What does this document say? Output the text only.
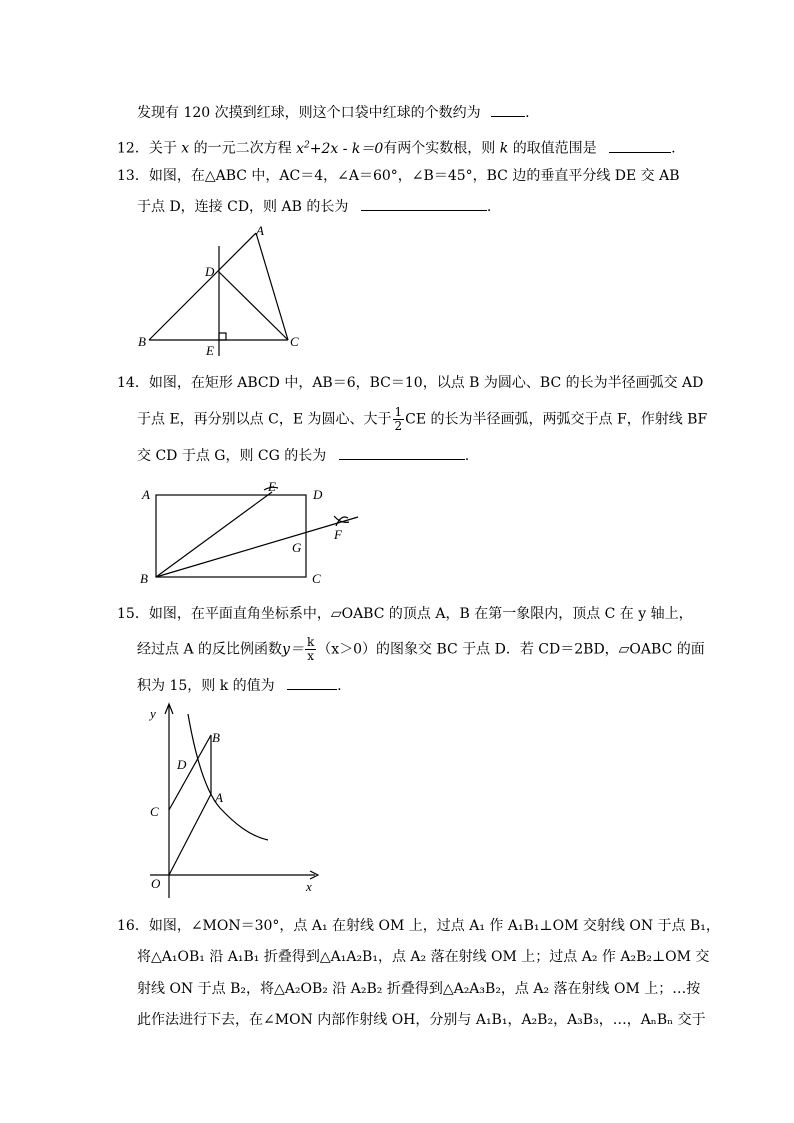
发现有 120 次摸到红球，则这个口袋中红球的个数约为	.
12．关于 x 的一元二次方程 $x^2+2x - k=0$有两个实数根，则 k 的取值范围是	.
13．如图，在△ABC 中，AC＝4，∠A＝60°，∠B＝45°，BC 边的垂直平分线 DE 交 AB
于点 D，连接 CD，则 AB 的长为	.
A
B	C
D
E
14．如图，在矩形 ABCD 中，AB＝6，BC＝10，以点 B 为圆心、BC 的长为半径画弧交 AD
于点 E，再分别以点 C，E 为圆心、大于 $\frac{1}{2}$ CE 的长为半径画弧，两弧交于点 F，作射线 BF
交 CD 于点 G，则 CG 的长为	.
A
B	C
D
E
F
G
15．如图，在平面直角坐标系中，▱OABC 的顶点 A，B 在第一象限内，顶点 C 在 y 轴上，
经过点 A 的反比例函数$y= \frac{k}{x} (x>0)$的图象交 BC 于点 D．若 CD＝2BD，▱OABC 的面
积为 15，则 k 的值为	.
y
x
O
A
B
C
D
16．如图，∠MON＝30°，点 A₁ 在射线 OM 上，过点 A₁ 作 A₁B₁⊥OM 交射线 ON 于点 B₁，
将△A₁OB₁ 沿 A₁B₁ 折叠得到△A₁A₂B₁，点 A₂ 落在射线 OM 上；过点 A₂ 作 A₂B₂⊥OM 交
射线 ON 于点 B₂，将△A₂OB₂ 沿 A₂B₂ 折叠得到△A₂A₃B₂，点 A₂ 落在射线 OM 上；…按
此作法进行下去，在∠MON 内部作射线 OH，分别与 A₁B₁，A₂B₂，A₃B₃，…，AₙBₙ 交于
